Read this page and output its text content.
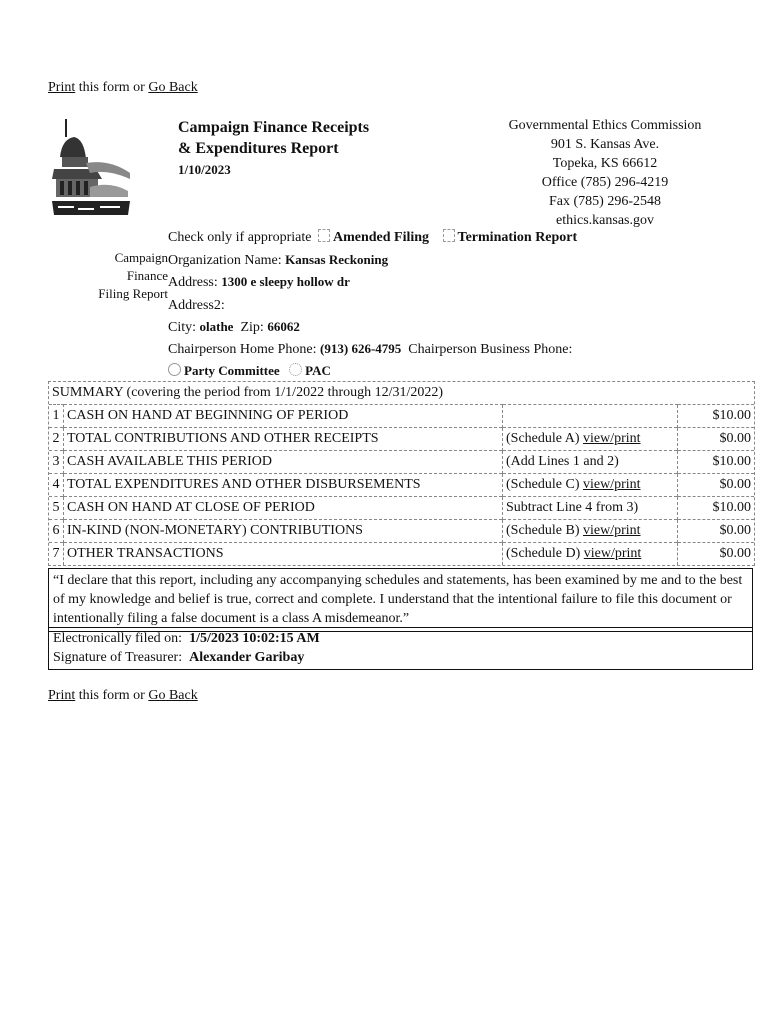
Print this form or Go Back
Campaign Finance Receipts
& Expenditures Report
1/10/2023
Governmental Ethics Commission
901 S. Kansas Ave.
Topeka, KS 66612
Office (785) 296-4219
Fax (785) 296-2548
ethics.kansas.gov
Check only if appropriate Amended Filing Termination Report
Campaign
Finance
Filing Report
Organization Name: Kansas Reckoning
Address: 1300 e sleepy hollow dr
Address2:
City: olathe Zip: 66062
Chairperson Home Phone: (913) 626-4795 Chairperson Business Phone:
Party Committee PAC
SUMMARY (covering the period from 1/1/2022 through 12/31/2022)			
1	CASH ON HAND AT BEGINNING OF PERIOD		$10.00
2	TOTAL CONTRIBUTIONS AND OTHER RECEIPTS	(Schedule A) view/print	$0.00
3	CASH AVAILABLE THIS PERIOD	(Add Lines 1 and 2)	$10.00
4	TOTAL EXPENDITURES AND OTHER DISBURSEMENTS	(Schedule C) view/print	$0.00
5	CASH ON HAND AT CLOSE OF PERIOD	Subtract Line 4 from 3)	$10.00
6	IN-KIND (NON-MONETARY) CONTRIBUTIONS	(Schedule B) view/print	$0.00
7	OTHER TRANSACTIONS	(Schedule D) view/print	$0.00
“I declare that this report, including any accompanying schedules and statements, has been examined by me and to the best of my knowledge and belief is true, correct and complete. I understand that the intentional failure to file this document or intentionally filing a false document is a class A misdemeanor.”
Electronically filed on: 1/5/2023 10:02:15 AM
Signature of Treasurer: Alexander Garibay
Print this form or Go Back
